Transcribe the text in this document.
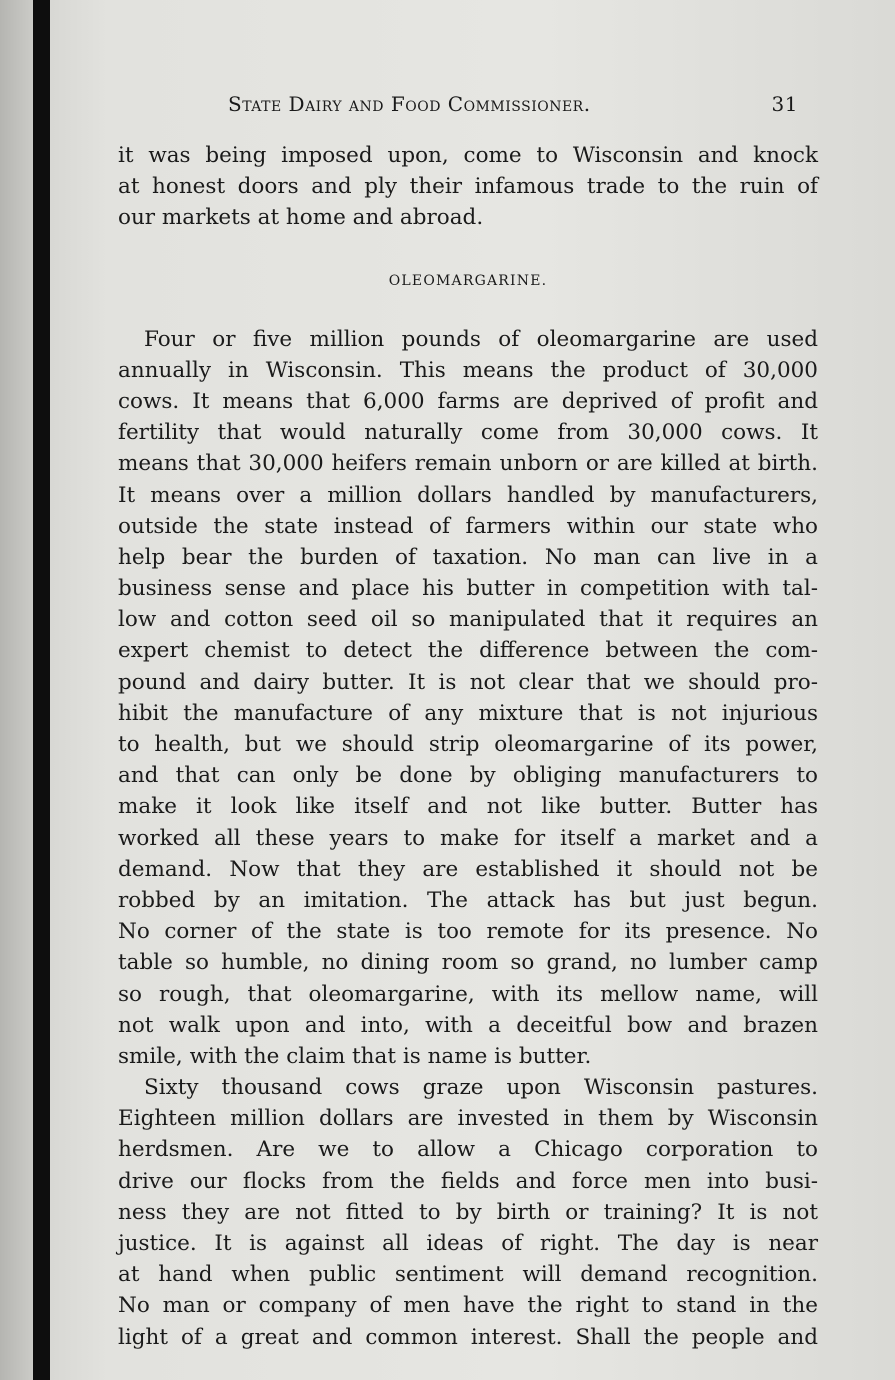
State Dairy and Food Commissioner.	31
it was being imposed upon, come to Wisconsin and knock
at honest doors and ply their infamous trade to the ruin of
our markets at home and abroad.
OLEOMARGARINE.
Four or five million pounds of oleomargarine are used
annually in Wisconsin. This means the product of 30,000
cows. It means that 6,000 farms are deprived of profit and
fertility that would naturally come from 30,000 cows. It
means that 30,000 heifers remain unborn or are killed at birth.
It means over a million dollars handled by manufacturers,
outside the state instead of farmers within our state who
help bear the burden of taxation. No man can live in a
business sense and place his butter in competition with tal-
low and cotton seed oil so manipulated that it requires an
expert chemist to detect the difference between the com-
pound and dairy butter. It is not clear that we should pro-
hibit the manufacture of any mixture that is not injurious
to health, but we should strip oleomargarine of its power,
and that can only be done by obliging manufacturers to
make it look like itself and not like butter. Butter has
worked all these years to make for itself a market and a
demand. Now that they are established it should not be
robbed by an imitation. The attack has but just begun.
No corner of the state is too remote for its presence. No
table so humble, no dining room so grand, no lumber camp
so rough, that oleomargarine, with its mellow name, will
not walk upon and into, with a deceitful bow and brazen
smile, with the claim that is name is butter.
Sixty thousand cows graze upon Wisconsin pastures.
Eighteen million dollars are invested in them by Wisconsin
herdsmen. Are we to allow a Chicago corporation to
drive our flocks from the fields and force men into busi-
ness they are not fitted to by birth or training? It is not
justice. It is against all ideas of right. The day is near
at hand when public sentiment will demand recognition.
No man or company of men have the right to stand in the
light of a great and common interest. Shall the people and
